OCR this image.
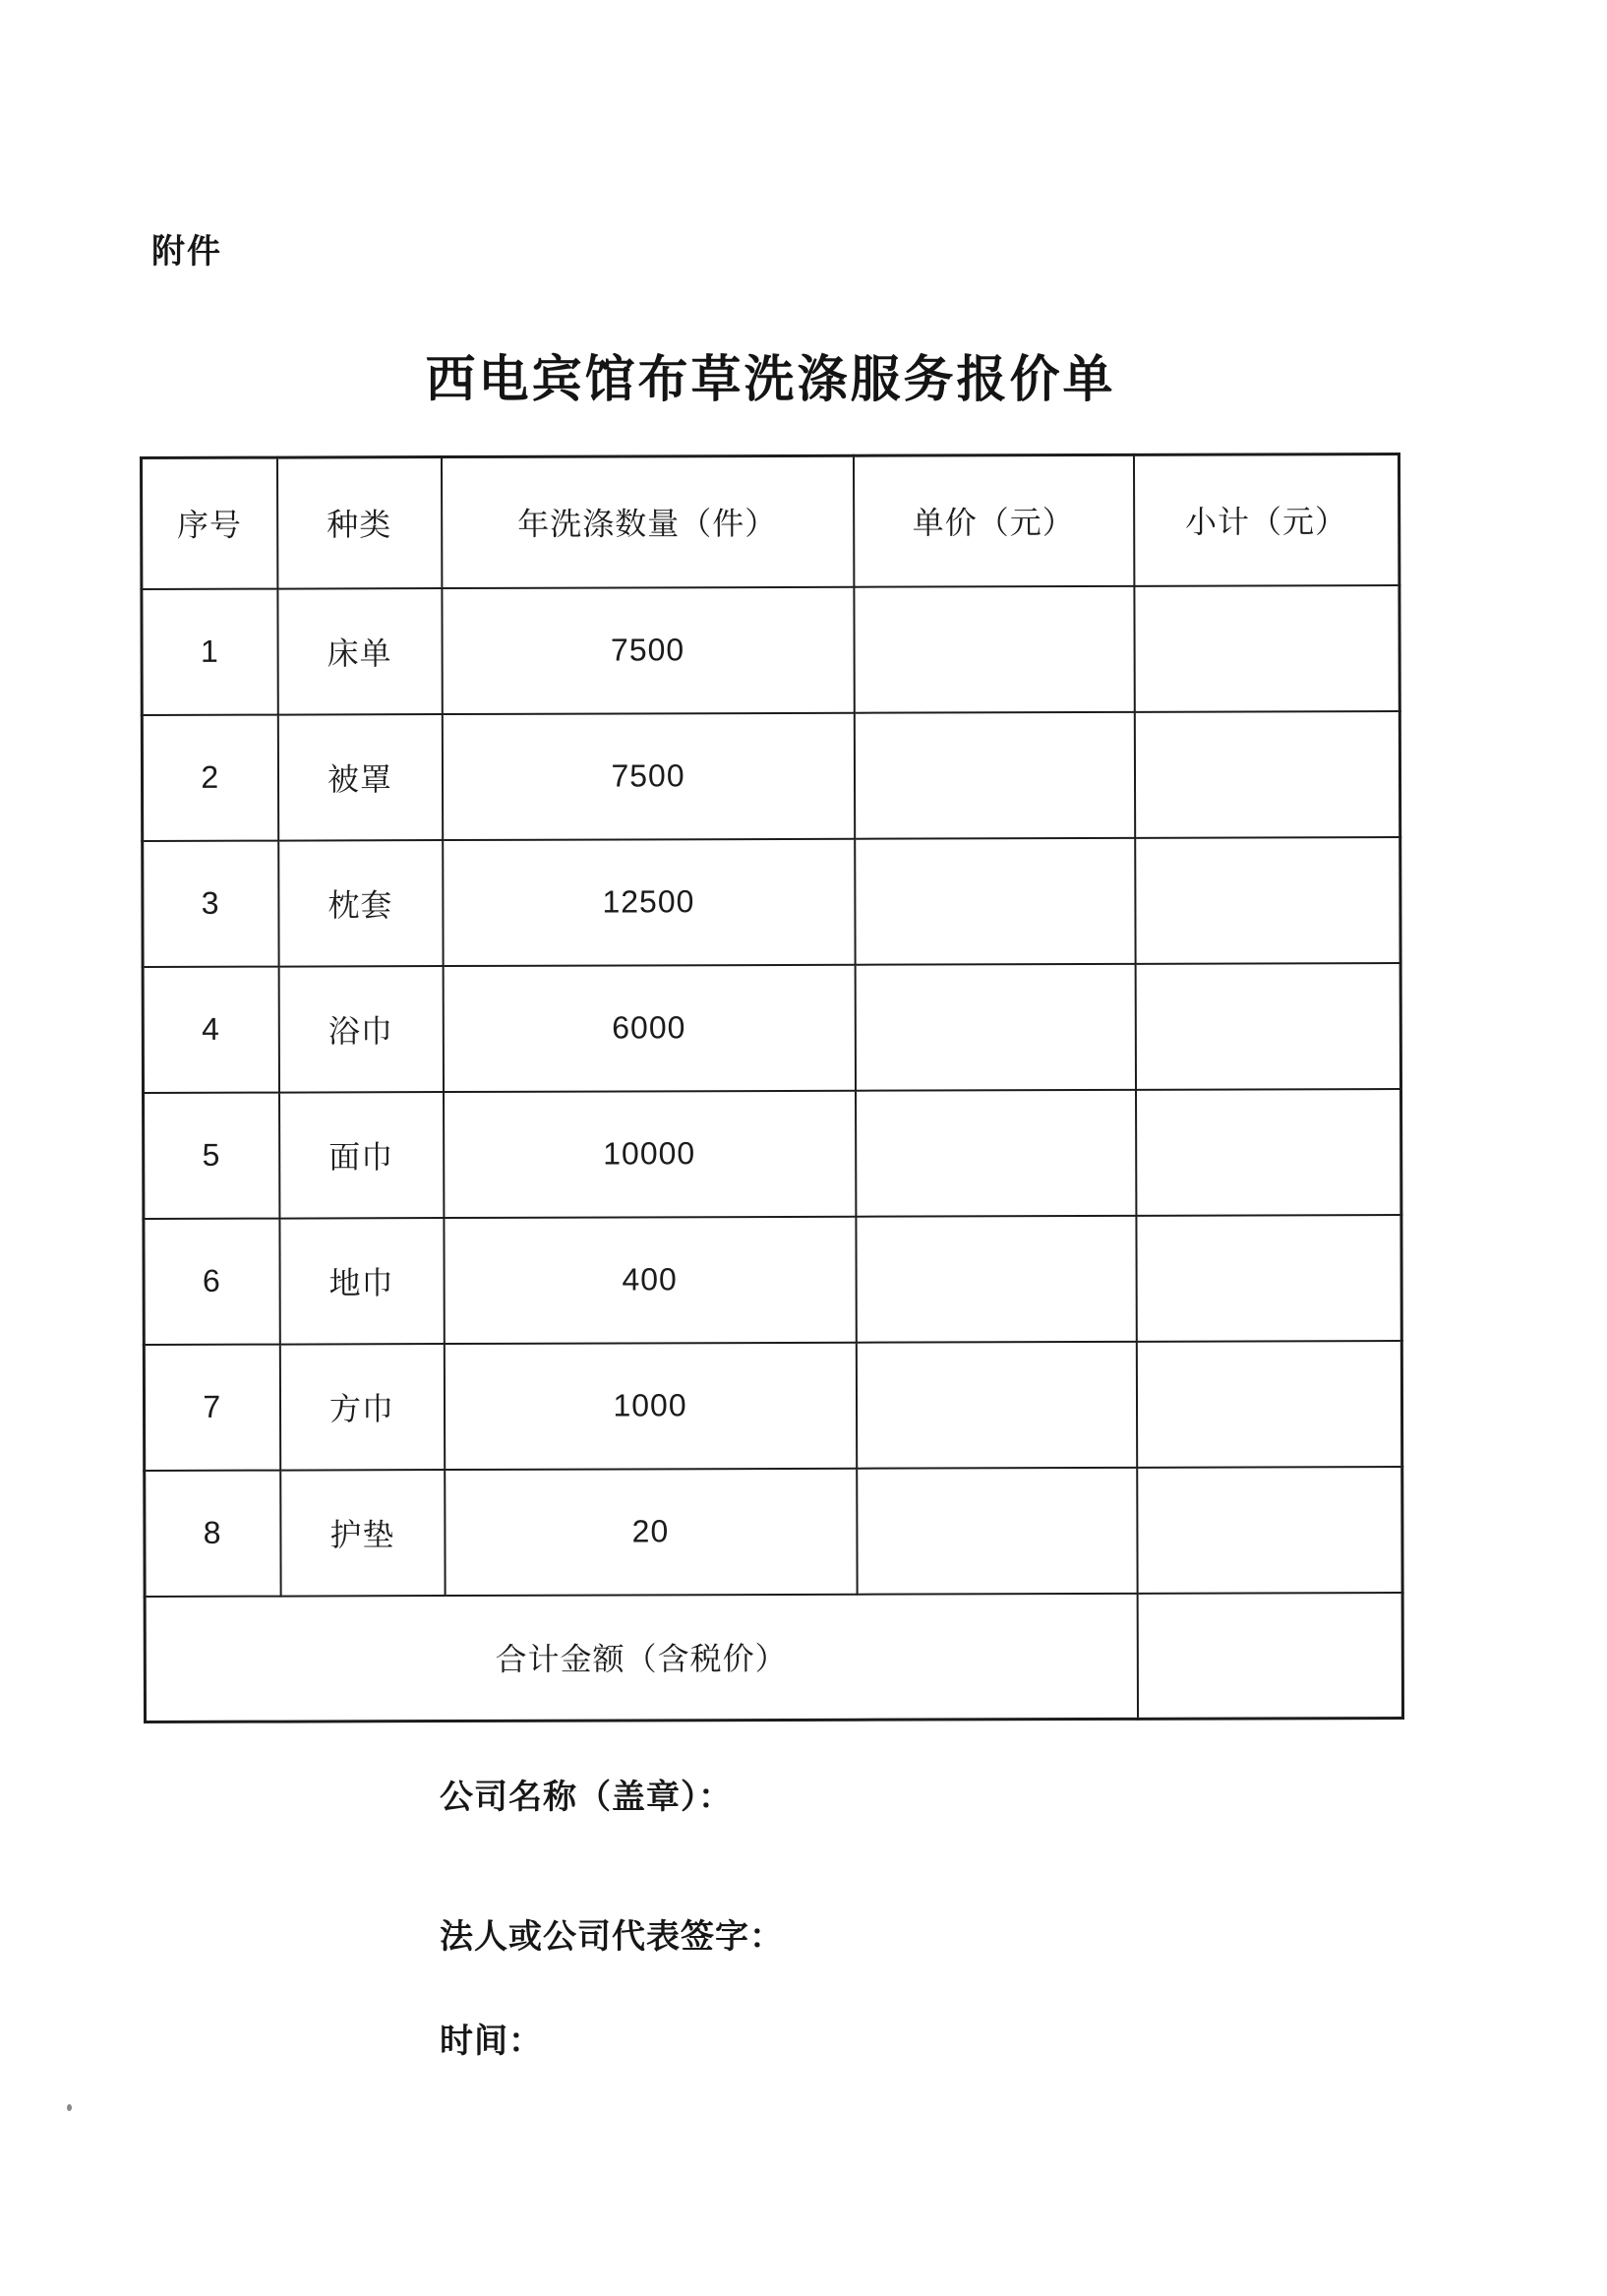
附件
西电宾馆布草洗涤服务报价单
序号	种类	年洗涤数量（件）	单价（元）	小计（元）
1	床单	7500		
2	被罩	7500		
3	枕套	12500		
4	浴巾	6000		
5	面巾	10000		
6	地巾	400		
7	方巾	1000		
8	护垫	20		
合计金额（含税价）				
公司名称（盖章）：
法人或公司代表签字：
时间：
